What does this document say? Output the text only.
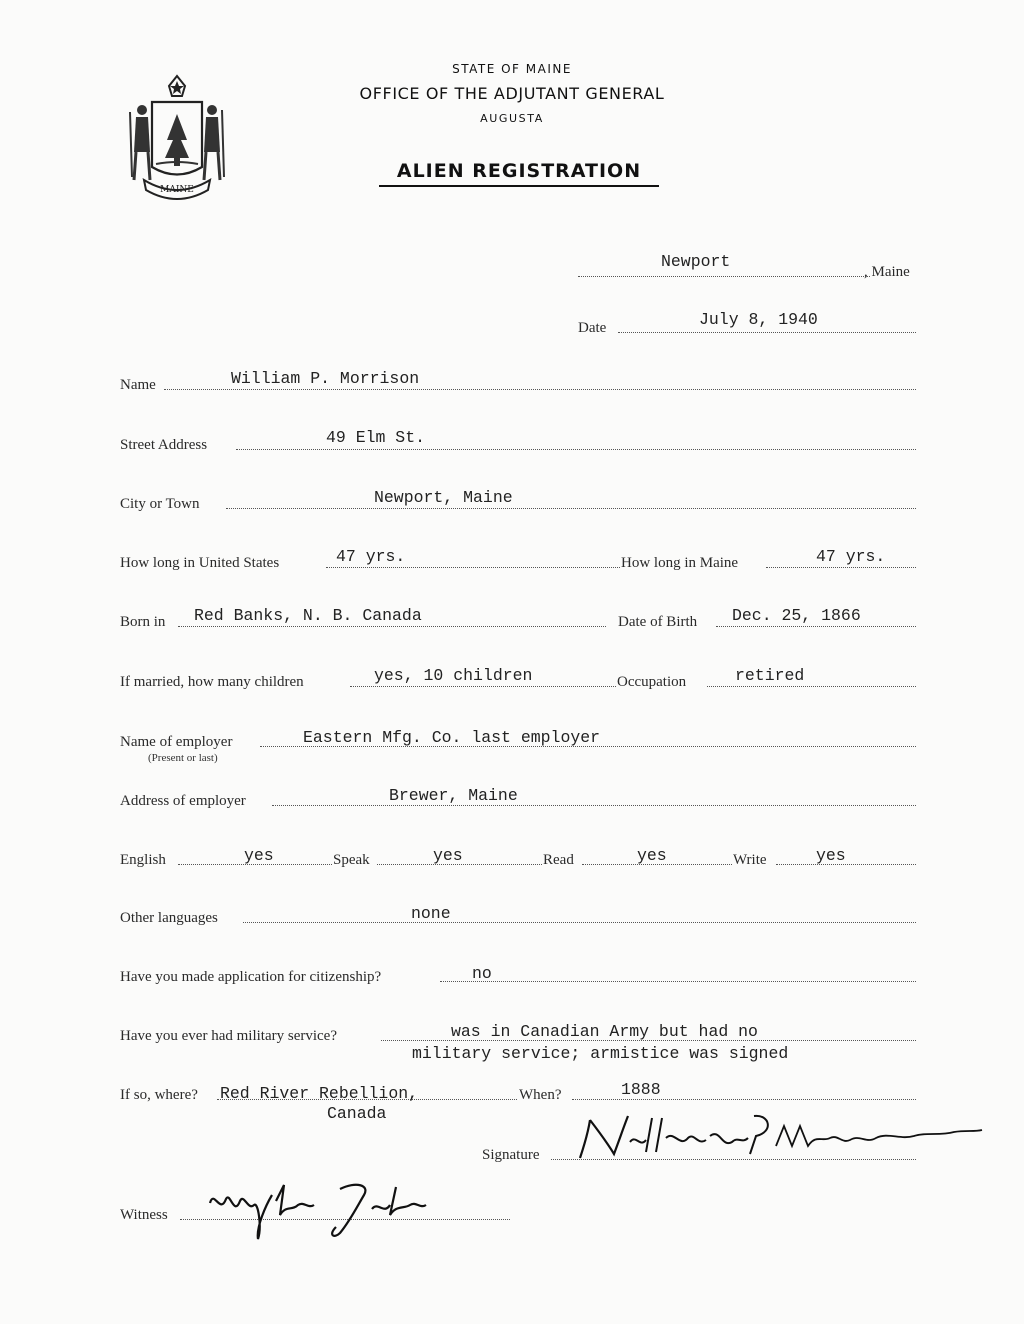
MAINE
STATE OF MAINE
OFFICE OF THE ADJUTANT GENERAL
AUGUSTA
ALIEN REGISTRATION
Newport
, Maine
Date	July 8, 1940
Name	William P. Morrison
Street Address	49 Elm St.
City or Town	Newport, Maine
How long in United States	47 yrs.	How long in Maine	47 yrs.
Born in Red Banks, N. B. Canada	Date of Birth Dec. 25, 1866
If married, how many children	yes, 10 children	Occupation	retired
Name of employer
(Present or last)
Eastern Mfg. Co. last employer
Address of employer	Brewer, Maine
English	yes	Speak	yes	Read	yes	Write	yes
Other languages	none
Have you made application for citizenship?	no
Have you ever had military service?	was in Canadian Army but had no
military service; armistice was signed
If so, where? Red River Rebellion,
Canada
When?	1888
Signature
Witness
